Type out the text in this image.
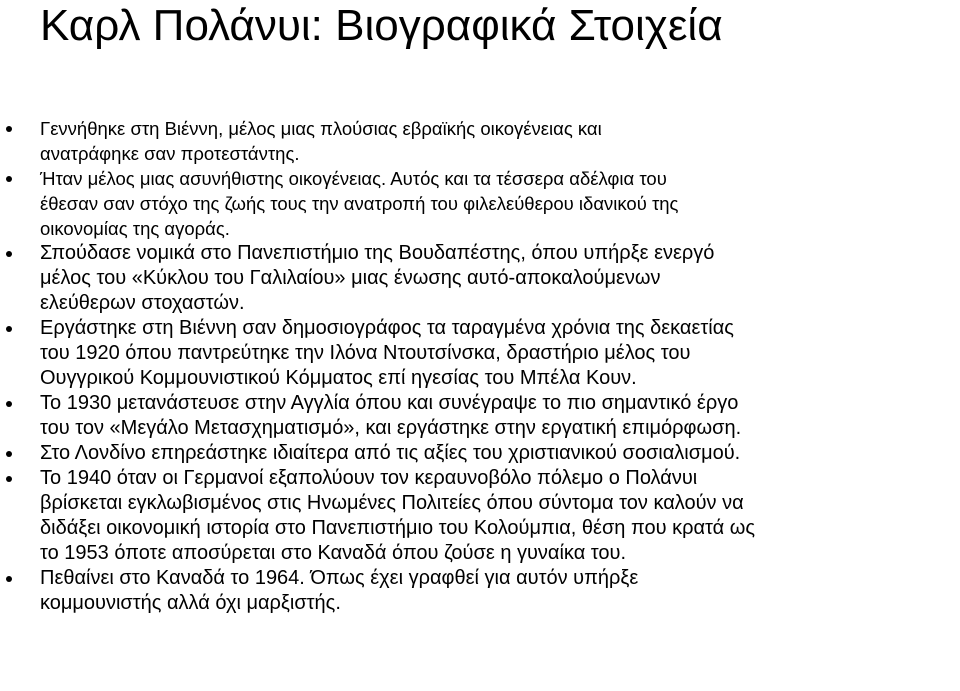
Καρλ Πολάνυι: Βιογραφικά Στοιχεία
Γεννήθηκε στη Βιέννη, μέλος μιας πλούσιας εβραϊκής οικογένειας και
ανατράφηκε σαν προτεστάντης.
Ήταν μέλος μιας ασυνήθιστης οικογένειας. Αυτός και τα τέσσερα αδέλφια του
έθεσαν σαν στόχο της ζωής τους την ανατροπή του φιλελεύθερου ιδανικού της
οικονομίας της αγοράς.
Σπούδασε νομικά στο Πανεπιστήμιο της Βουδαπέστης, όπου υπήρξε ενεργό
μέλος του «Κύκλου του Γαλιλαίου» μιας ένωσης αυτό-αποκαλούμενων
ελεύθερων στοχαστών.
Εργάστηκε στη Βιέννη σαν δημοσιογράφος τα ταραγμένα χρόνια της δεκαετίας
του 1920 όπου παντρεύτηκε την Ιλόνα Ντουτσίνσκα, δραστήριο μέλος του
Ουγγρικού Κομμουνιστικού Κόμματος επί ηγεσίας του Μπέλα Κουν.
Το 1930 μετανάστευσε στην Αγγλία όπου και συνέγραψε το πιο σημαντικό έργο
του τον «Μεγάλο Μετασχηματισμό», και εργάστηκε στην εργατική επιμόρφωση.
Στο Λονδίνο επηρεάστηκε ιδιαίτερα από τις αξίες του χριστιανικού σοσιαλισμού.
Το 1940 όταν οι Γερμανοί εξαπολύουν τον κεραυνοβόλο πόλεμο ο Πολάνυι
βρίσκεται εγκλωβισμένος στις Ηνωμένες Πολιτείες όπου σύντομα τον καλούν να
διδάξει οικονομική ιστορία στο Πανεπιστήμιο του Κολούμπια, θέση που κρατά ως
το 1953 όποτε αποσύρεται στο Καναδά όπου ζούσε η γυναίκα του.
Πεθαίνει στο Καναδά το 1964. Όπως έχει γραφθεί για αυτόν υπήρξε
κομμουνιστής αλλά όχι μαρξιστής.
